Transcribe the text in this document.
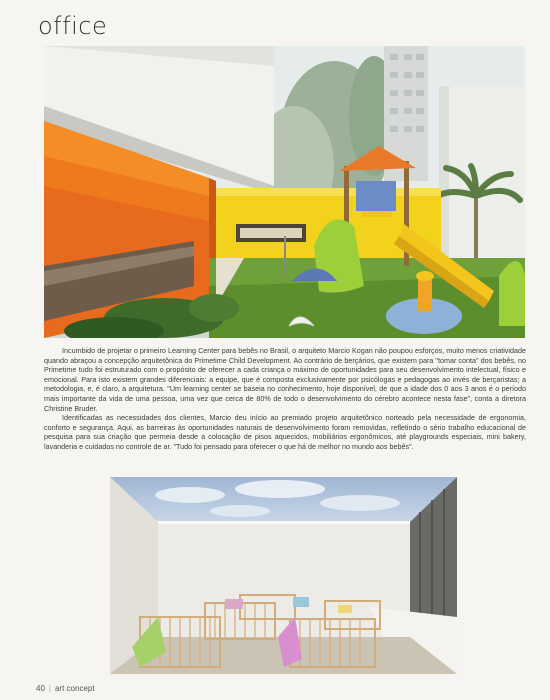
office

Incumbido de projetar o primeiro Learning Center para bebês no Brasil, o arquiteto Marcio Kogan não poupou esforços, muito menos criatividade quando abraçou a concepção arquitetônica do Primetime Child Development. Ao contrário de berçários, que existem para "tomar conta" dos bebês, no Primetime tudo foi estruturado com o propósito de oferecer a cada criança o máximo de oportunidades para seu desenvolvimento intelectual, físico e emocional. Para isto existem grandes diferenciais: a equipe, que é composta exclusivamente por psicólogas e pedagogas ao invés de berçaristas; a metodologia, e, é claro, a arquitetura. "Um learning center se baseia no conhecimento, hoje disponível, de que a idade dos 0 aos 3 anos é o período mais importante da vida de uma pessoa, uma vez que cerca de 80% de todo o desenvolvimento do cérebro acontece nesta fase", conta a diretora Christine Bruder.

Identificadas as necessidades dos clientes, Marcio deu início ao premiado projeto arquitetônico norteado pela necessidade de ergonomia, conforto e segurança. Aqui, as barreiras às oportunidades naturais de desenvolvimento foram removidas, refletindo o sério trabalho educacional de pesquisa para sua criação que permeia desde a colocação de pisos aquecidos, mobiliários ergonômicos, até playgrounds especiais, mini bakery, lavanderia e cuidados no controle de ar. "Tudo foi pensado para oferecer o que há de melhor no mundo aos bebês".

40 | art concept
